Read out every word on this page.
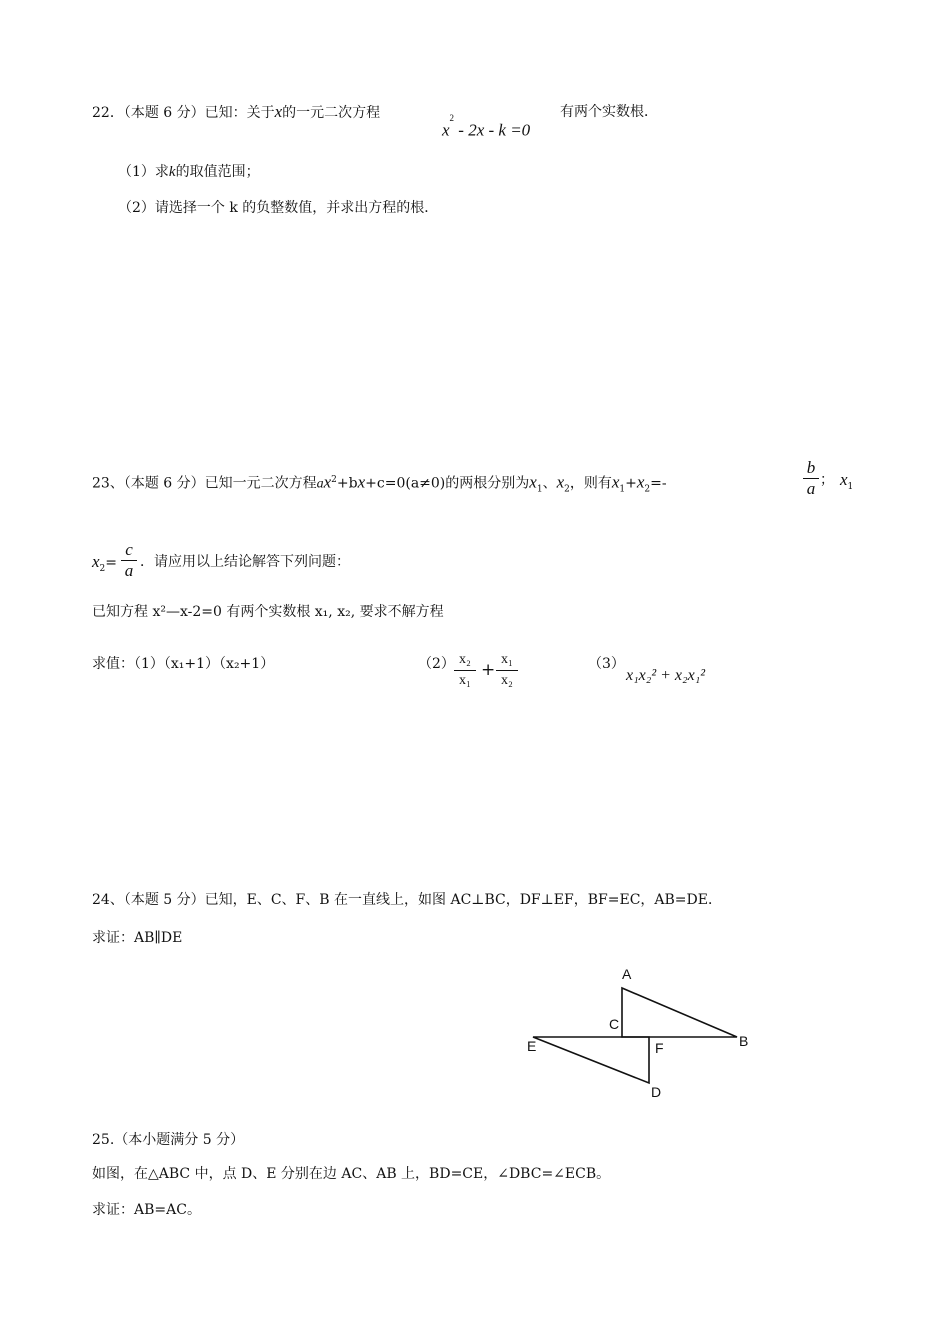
22．（本题 6 分）已知：关于x的一元二次方程
$x^2 - 2x - k =0$
有两个实数根．
（1）求k的取值范围；
（2）请选择一个 k 的负整数值，并求出方程的根．
23、（本题 6 分）已知一元二次方程$ax^2+bx+c=0(a\ne 0)$的两根分别为$x_1$、$x_2$，则有$x_1+x_2=-$
b
a ； $x_1$
$x_2=$
c
a ．请应用以上结论解答下列问题：
已知方程 x²—x-2=0 有两个实数根 x₁, x₂, 要求不解方程
求值：（1）（x₁+1）（x₂+1）	（2） x₂
x₁
+
x₁
x₂
（3）
x₁x₂² + x₂x₁²
24、（本题 5 分）已知，E、C、F、B 在一直线上，如图 AC⊥BC，DF⊥EF，BF=EC，AB=DE．
求证：AB∥DE
A
B
C
D
E	F
25.（本小题满分 5 分）
如图，在△ABC 中，点 D、E 分别在边 AC、AB 上，BD=CE，∠DBC=∠ECB。
求证：AB=AC。
